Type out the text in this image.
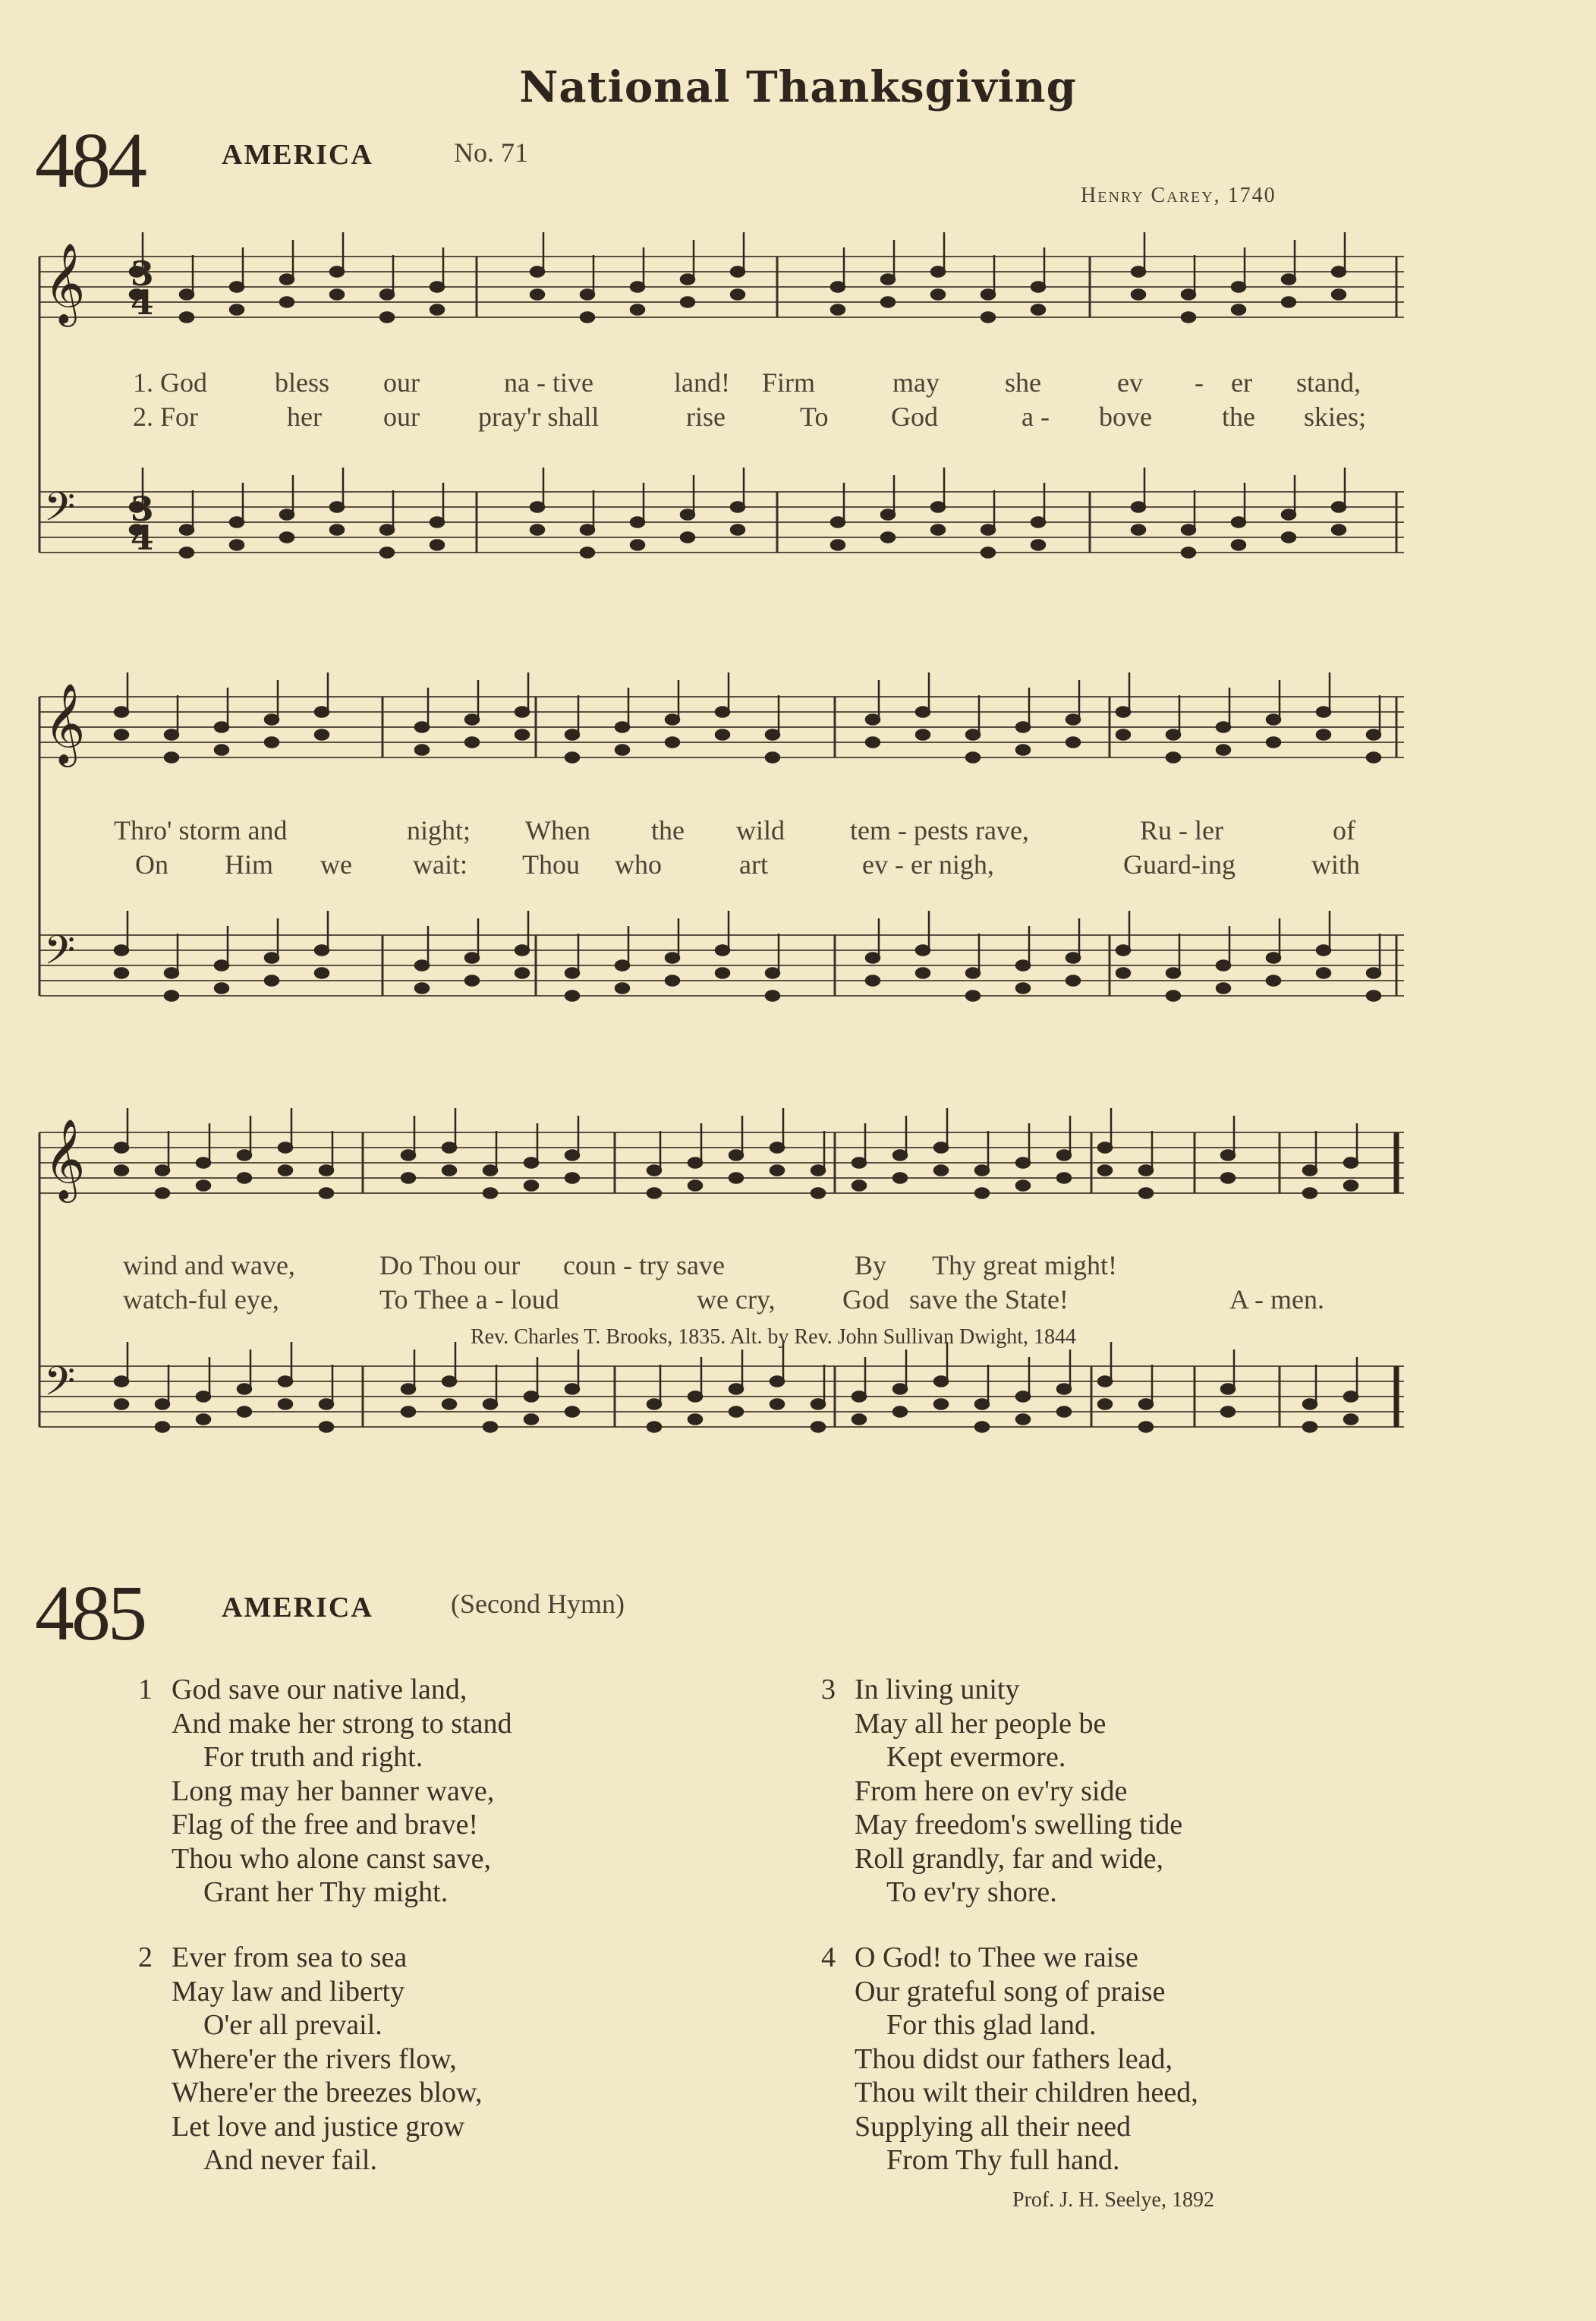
National Thanksgiving
484	AMERICA	No. 71
Henry Carey, 1740
𝄞
𝄢
3
4
3
4
𝄞
𝄢
𝄞
𝄢
1. God bless our	na - tive	land! Firm	may she	ev - er stand,
2. For	her our pray'r shall	rise	To God	a - bove	the skies;
Thro' storm and	night; When the wild tem - pests rave,	Ru - ler	of
On Him we wait: Thou who	art	ev - er nigh,	Guard-ing	with
wind and wave,	Do Thou our coun - try save	By Thy great might!
watch-ful eye,	To Thee a - loud	we cry, God save the State!	A - men.
Rev. Charles T. Brooks, 1835. Alt. by Rev. John Sullivan Dwight, 1844
485	AMERICA	(Second Hymn)
1 God save our native land,
And make her strong to stand
For truth and right.
Long may her banner wave,
Flag of the free and brave!
Thou who alone canst save,
Grant her Thy might.
2 Ever from sea to sea
May law and liberty
O'er all prevail.
Where'er the rivers flow,
Where'er the breezes blow,
Let love and justice grow
And never fail.
3 In living unity
May all her people be
Kept evermore.
From here on ev'ry side
May freedom's swelling tide
Roll grandly, far and wide,
To ev'ry shore.
4 O God! to Thee we raise
Our grateful song of praise
For this glad land.
Thou didst our fathers lead,
Thou wilt their children heed,
Supplying all their need
From Thy full hand.
Prof. J. H. Seelye, 1892
